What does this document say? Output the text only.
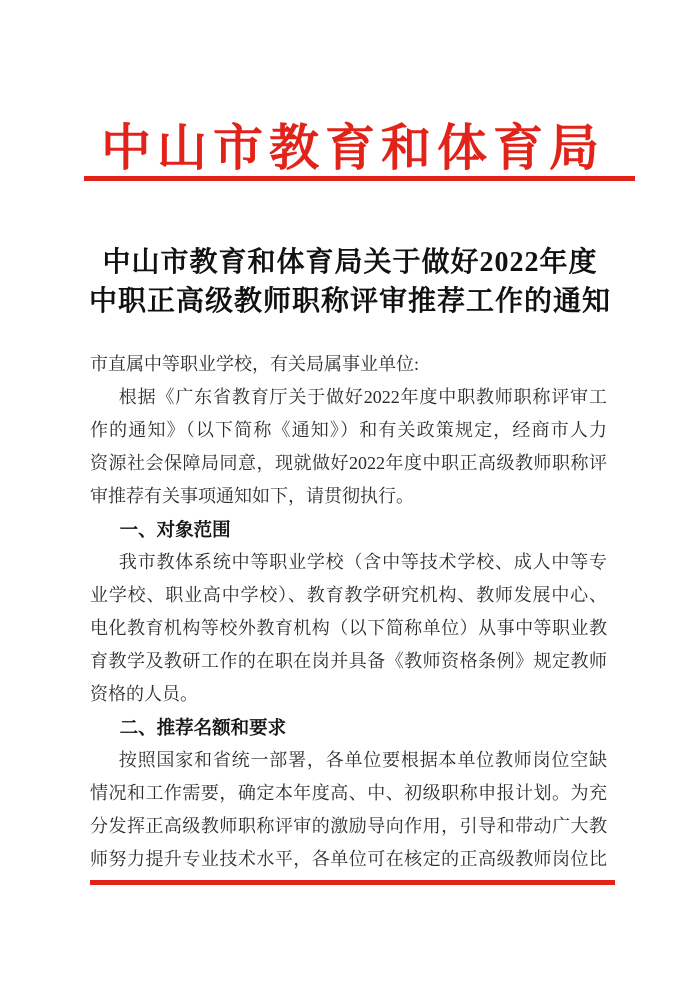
中山市教育和体育局
中山市教育和体育局关于做好2022年度
中职正高级教师职称评审推荐工作的通知
市直属中等职业学校，有关局属事业单位:
根据《广东省教育厅关于做好2022年度中职教师职称评审工
作的通知》（以下简称《通知》）和有关政策规定，经商市人力
资源社会保障局同意，现就做好2022年度中职正高级教师职称评
审推荐有关事项通知如下，请贯彻执行。
一、对象范围
我市教体系统中等职业学校（含中等技术学校、成人中等专
业学校、职业高中学校）、教育教学研究机构、教师发展中心、
电化教育机构等校外教育机构（以下简称单位）从事中等职业教
育教学及教研工作的在职在岗并具备《教师资格条例》规定教师
资格的人员。
二、推荐名额和要求
按照国家和省统一部署，各单位要根据本单位教师岗位空缺
情况和工作需要，确定本年度高、中、初级职称申报计划。为充
分发挥正高级教师职称评审的激励导向作用，引导和带动广大教
师努力提升专业技术水平，各单位可在核定的正高级教师岗位比
